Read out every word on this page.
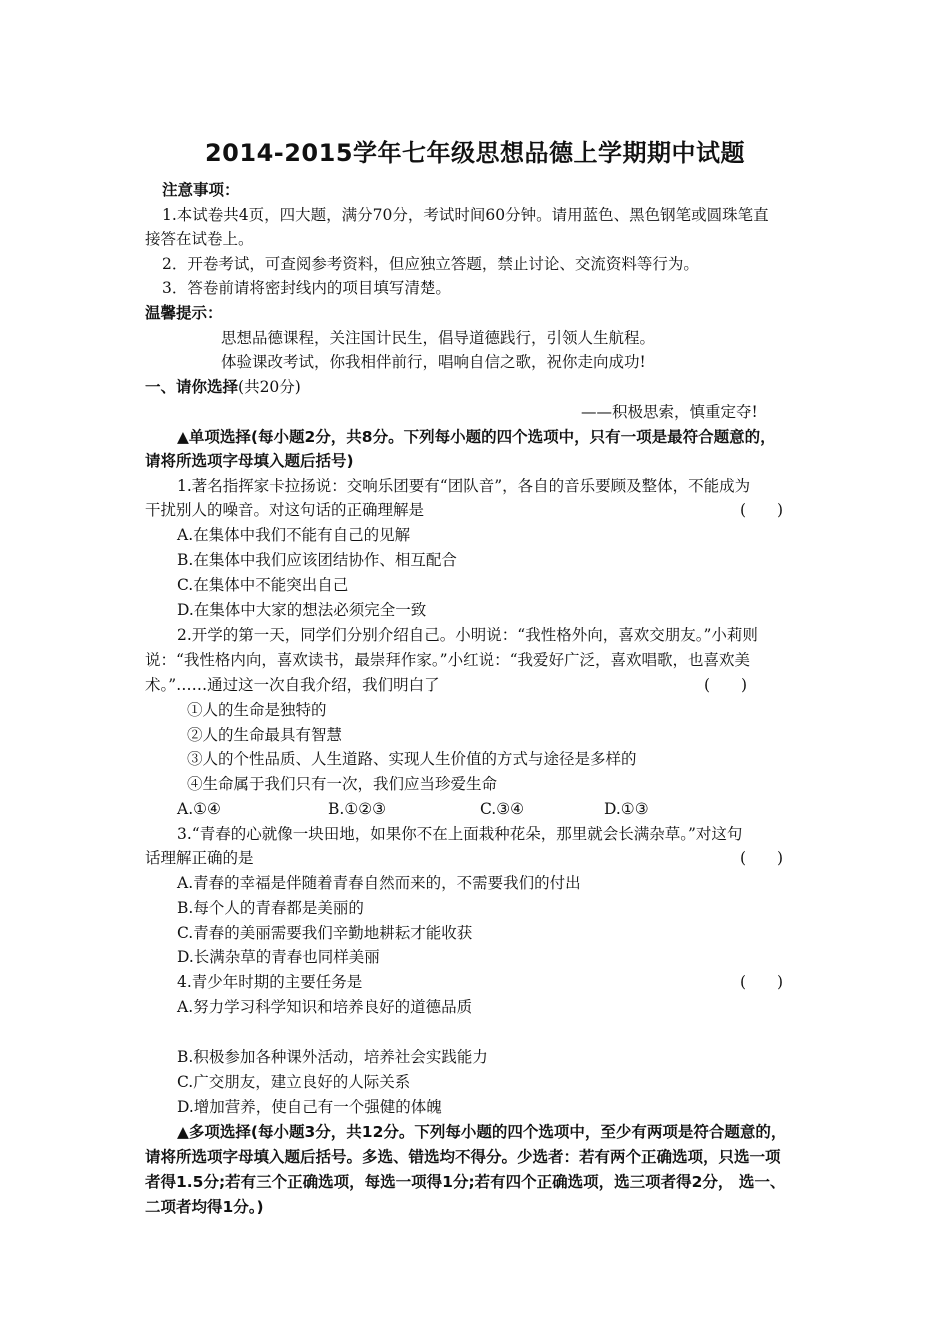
2014-2015学年七年级思想品德上学期期中试题
注意事项：
1.本试卷共4页，四大题，满分70分，考试时间60分钟。请用蓝色、黑色钢笔或圆珠笔直
接答在试卷上。
2．开卷考试，可查阅参考资料，但应独立答题，禁止讨论、交流资料等行为。
3．答卷前请将密封线内的项目填写清楚。
温馨提示：
思想品德课程，关注国计民生，倡导道德践行，引领人生航程。
体验课改考试，你我相伴前行，唱响自信之歌，祝你走向成功!
一、请你选择(共20分)
——积极思索，慎重定夺!
▲单项选择(每小题2分，共8分。下列每小题的四个选项中，只有一项是最符合题意的，
请将所选项字母填入题后括号)
1.著名指挥家卡拉扬说：交响乐团要有“团队音”，各自的音乐要顾及整体，不能成为
干扰别人的噪音。对这句话的正确理解是	(　　)
A.在集体中我们不能有自己的见解
B.在集体中我们应该团结协作、相互配合
C.在集体中不能突出自己
D.在集体中大家的想法必须完全一致
2.开学的第一天，同学们分别介绍自己。小明说：“我性格外向，喜欢交朋友。”小莉则
说：“我性格内向，喜欢读书，最崇拜作家。”小红说：“我爱好广泛，喜欢唱歌，也喜欢美
术。”……通过这一次自我介绍，我们明白了	(　　)
①人的生命是独特的
②人的生命最具有智慧
③人的个性品质、人生道路、实现人生价值的方式与途径是多样的
④生命属于我们只有一次，我们应当珍爱生命
A.①④	B.①②③	C.③④	D.①③
3.“青春的心就像一块田地，如果你不在上面栽种花朵，那里就会长满杂草。”对这句
话理解正确的是	(　　)
A.青春的幸福是伴随着青春自然而来的，不需要我们的付出
B.每个人的青春都是美丽的
C.青春的美丽需要我们辛勤地耕耘才能收获
D.长满杂草的青春也同样美丽
4.青少年时期的主要任务是	(　　)
A.努力学习科学知识和培养良好的道德品质
B.积极参加各种课外活动，培养社会实践能力
C.广交朋友，建立良好的人际关系
D.增加营养，使自己有一个强健的体魄
▲多项选择(每小题3分，共12分。下列每小题的四个选项中，至少有两项是符合题意的，
请将所选项字母填入题后括号。多选、错选均不得分。少选者：若有两个正确选项，只选一项
者得1.5分;若有三个正确选项，每选一项得1分;若有四个正确选项，选三项者得2分， 选一、
二项者均得1分。)
